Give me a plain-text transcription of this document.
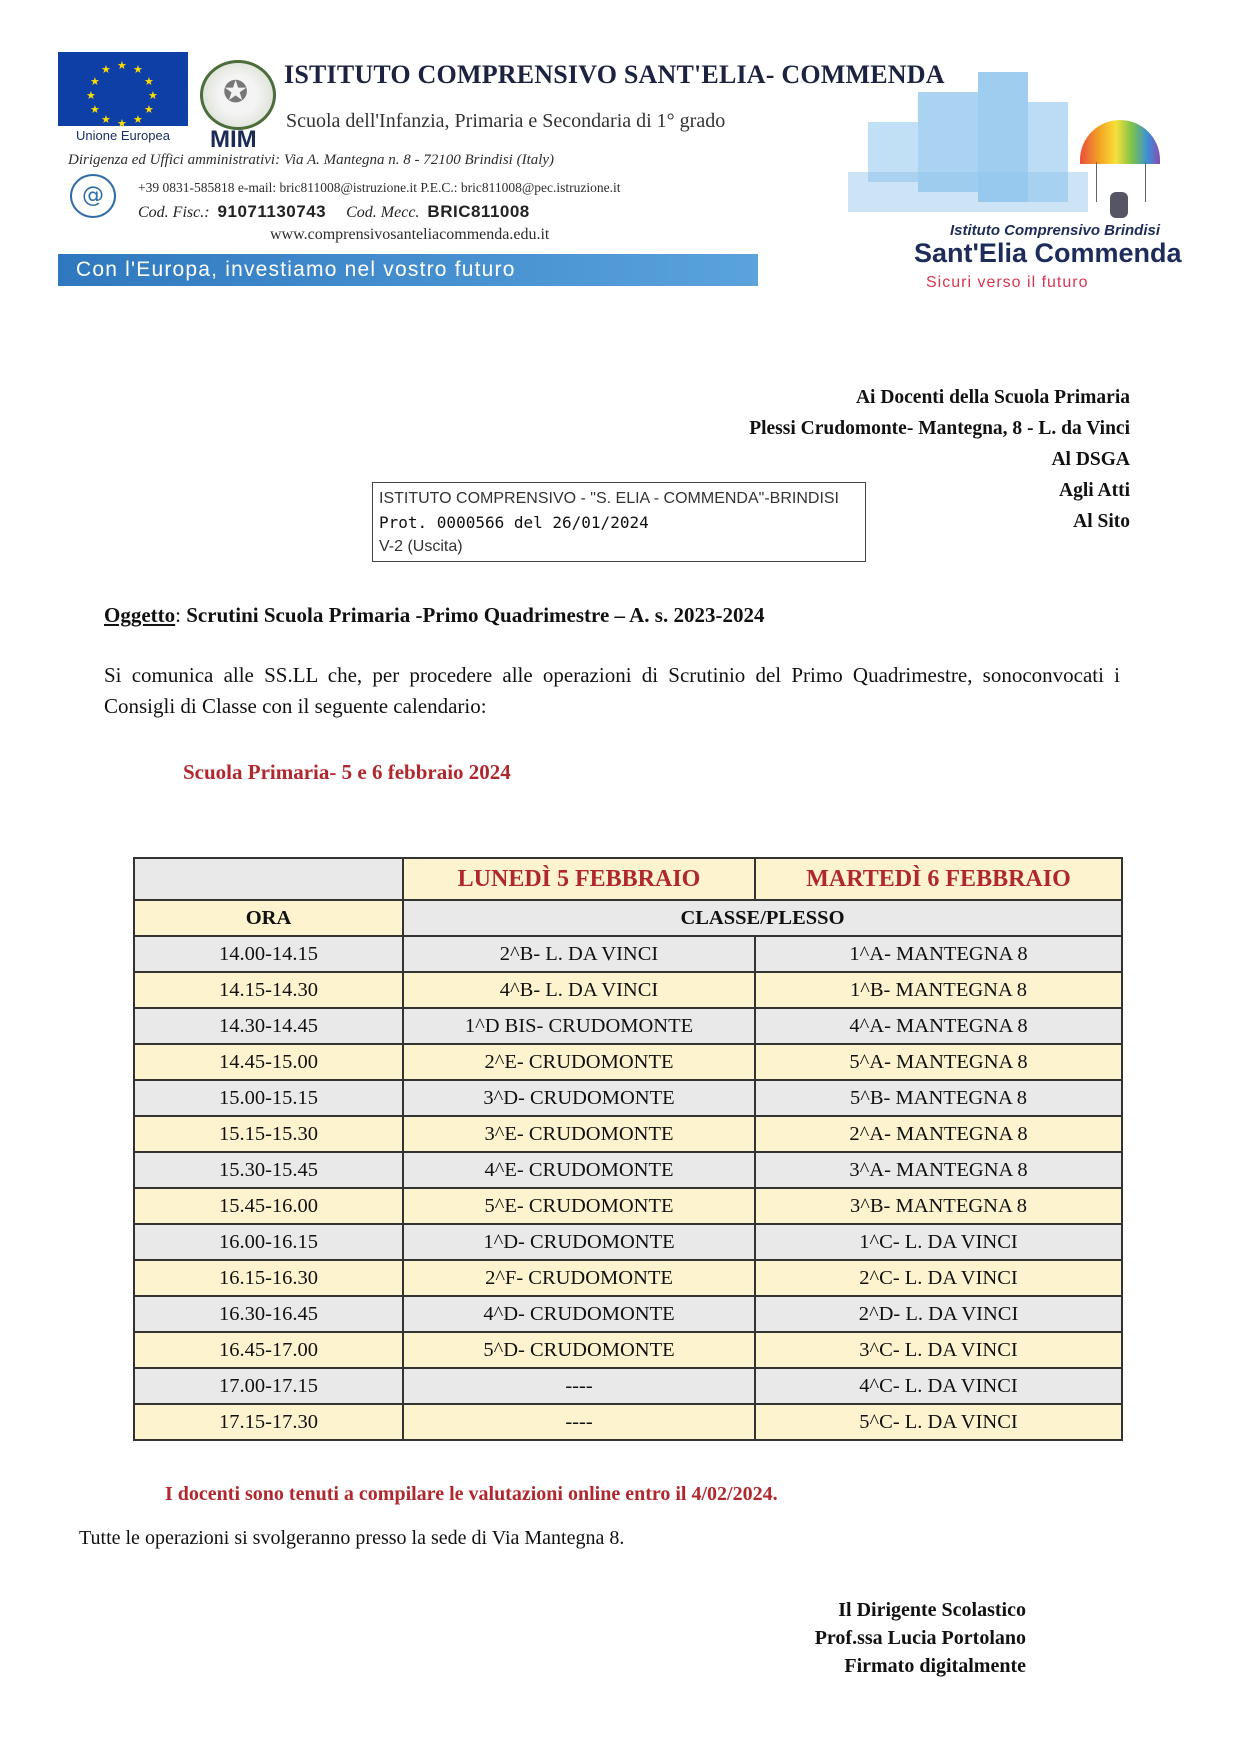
★ ★
★
★
★
★
★
★
★
★
★
★
Unione Europea
✪
MIM
ISTITUTO COMPRENSIVO SANT'ELIA- COMMENDA
Scuola dell'Infanzia, Primaria e Secondaria di 1° grado
Dirigenza ed Uffici amministrativi: Via A. Mantegna n. 8 - 72100 Brindisi (Italy)
@	+39 0831-585818 e-mail: bric811008@istruzione.it P.E.C.: bric811008@pec.istruzione.it
Cod. Fisc.: 91071130743 Cod. Mecc. BRIC811008
www.comprensivosanteliacommenda.edu.it
Con l'Europa, investiamo nel vostro futuro
Istituto Comprensivo Brindisi
Sant'Elia Commenda
Sicuri verso il futuro
Ai Docenti della Scuola Primaria
Plessi Crudomonte- Mantegna, 8 - L. da Vinci
Al DSGA
Agli Atti
Al Sito
ISTITUTO COMPRENSIVO - "S. ELIA - COMMENDA"-BRINDISI
Prot. 0000566 del 26/01/2024
V-2 (Uscita)
Oggetto: Scrutini Scuola Primaria -Primo Quadrimestre – A. s. 2023-2024
Si comunica alle SS.LL che, per procedere alle operazioni di Scrutinio del Primo Quadrimestre, sonoconvocati i Consigli di Classe con il seguente calendario:
Scuola Primaria- 5 e 6 febbraio 2024
	LUNEDÌ 5 FEBBRAIO	MARTEDÌ 6 FEBBRAIO
ORA	CLASSE/PLESSO	
14.00-14.15	2^B- L. DA VINCI	1^A- MANTEGNA 8
14.15-14.30	4^B- L. DA VINCI	1^B- MANTEGNA 8
14.30-14.45	1^D BIS- CRUDOMONTE	4^A- MANTEGNA 8
14.45-15.00	2^E- CRUDOMONTE	5^A- MANTEGNA 8
15.00-15.15	3^D- CRUDOMONTE	5^B- MANTEGNA 8
15.15-15.30	3^E- CRUDOMONTE	2^A- MANTEGNA 8
15.30-15.45	4^E- CRUDOMONTE	3^A- MANTEGNA 8
15.45-16.00	5^E- CRUDOMONTE	3^B- MANTEGNA 8
16.00-16.15	1^D- CRUDOMONTE	1^C- L. DA VINCI
16.15-16.30	2^F- CRUDOMONTE	2^C- L. DA VINCI
16.30-16.45	4^D- CRUDOMONTE	2^D- L. DA VINCI
16.45-17.00	5^D- CRUDOMONTE	3^C- L. DA VINCI
17.00-17.15	----	4^C- L. DA VINCI
17.15-17.30	----	5^C- L. DA VINCI
I docenti sono tenuti a compilare le valutazioni online entro il 4/02/2024.
Tutte le operazioni si svolgeranno presso la sede di Via Mantegna 8.
Il Dirigente Scolastico
Prof.ssa Lucia Portolano
Firmato digitalmente
